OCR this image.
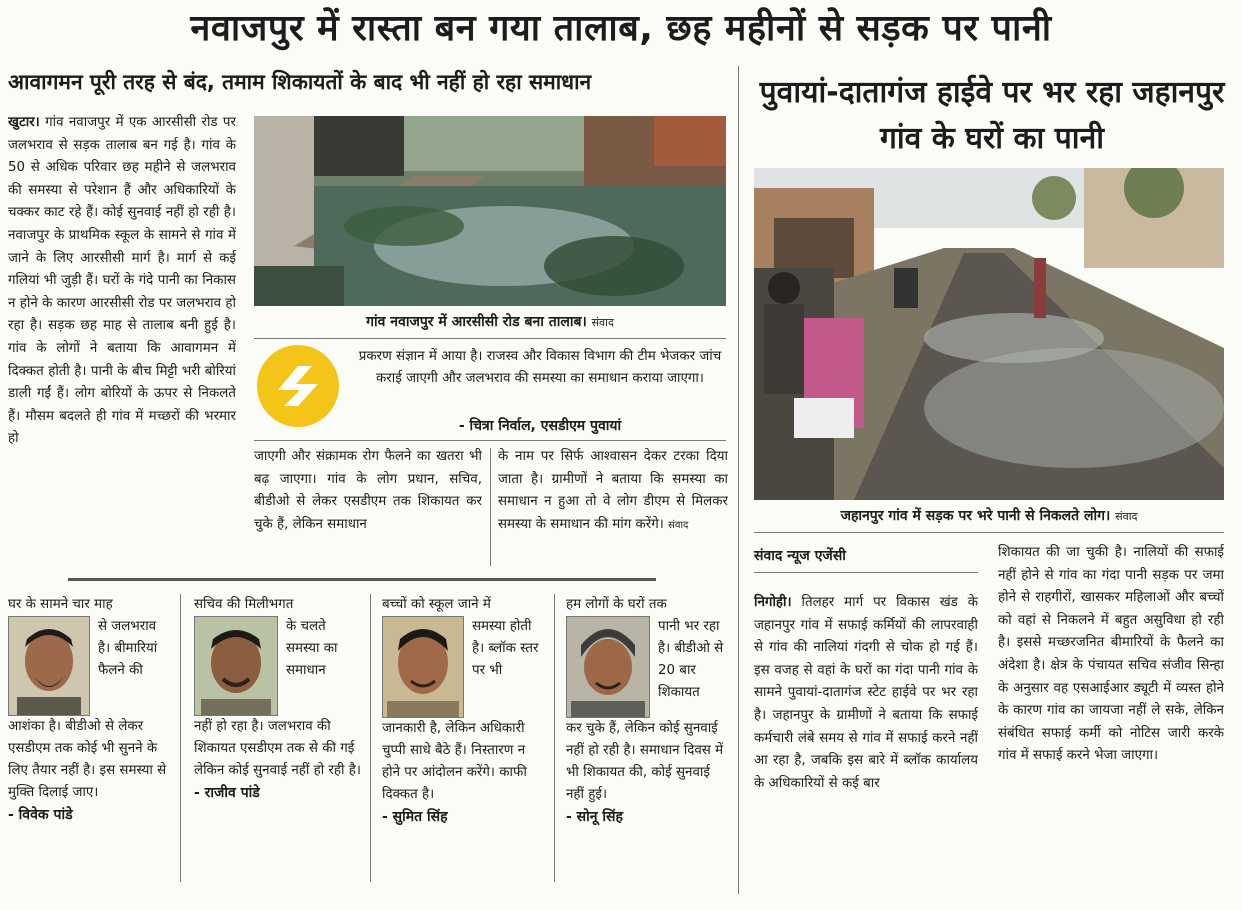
नवाजपुर में रास्ता बन गया तालाब, छह महीनों से सड़क पर पानी
आवागमन पूरी तरह से बंद, तमाम शिकायतों के बाद भी नहीं हो रहा समाधान
खुटार। गांव नवाजपुर में एक आरसीसी रोड पर जलभराव से सड़क तालाब बन गई है। गांव के 50 से अधिक परिवार छह महीने से जलभराव की समस्या से परेशान हैं और अधिकारियों के चक्कर काट रहे हैं। कोई सुनवाई नहीं हो रही है। नवाजपुर के प्राथमिक स्कूल के सामने से गांव में जाने के लिए आरसीसी मार्ग है। मार्ग से कई गलियां भी जुड़ी हैं। घरों के गंदे पानी का निकास न होने के कारण आरसीसी रोड पर जलभराव हो रहा है। सड़क छह माह से तालाब बनी हुई है। गांव के लोगों ने बताया कि आवागमन में दिक्कत होती है। पानी के बीच मिट्टी भरी बोरियां डाली गईं हैं। लोग बोरियों के ऊपर से निकलते हैं। मौसम बदलते ही गांव में मच्छरों की भरमार हो
गांव नवाजपुर में आरसीसी रोड बना तालाब। संवाद
प्रकरण संज्ञान में आया है। राजस्व और विकास विभाग की टीम भेजकर जांच कराई जाएगी और जलभराव की समस्या का समाधान कराया जाएगा।
- चित्रा निर्वाल, एसडीएम पुवायां
जाएगी और संक्रामक रोग फैलने का खतरा भी बढ़ जाएगा। गांव के लोग प्रधान, सचिव, बीडीओ से लेकर एसडीएम तक शिकायत कर चुके हैं, लेकिन समाधान
के नाम पर सिर्फ आश्वासन देकर टरका दिया जाता है। ग्रामीणों ने बताया कि समस्या का समाधान न हुआ तो वे लोग डीएम से मिलकर समस्या के समाधान की मांग करेंगे। संवाद
घर के सामने चार माह
से जलभराव है। बीमारियां फैलने की
आशंका है। बीडीओ से लेकर एसडीएम तक कोई भी सुनने के लिए तैयार नहीं है। इस समस्या से मुक्ति दिलाई जाए।
- विवेक पांडे
सचिव की मिलीभगत
के चलते समस्या का समाधान
नहीं हो रहा है। जलभराव की शिकायत एसडीएम तक से की गई लेकिन कोई सुनवाई नहीं हो रही है।
- राजीव पांडे
बच्चों को स्कूल जाने में
समस्या होती है। ब्लॉक स्तर पर भी
जानकारी है, लेकिन अधिकारी चुप्पी साधे बैठे हैं। निस्तारण न होने पर आंदोलन करेंगे। काफी दिक्कत है।
- सुमित सिंह
हम लोगों के घरों तक
पानी भर रहा है। बीडीओ से 20 बार शिकायत
कर चुके हैं, लेकिन कोई सुनवाई नहीं हो रही है। समाधान दिवस में भी शिकायत की, कोई सुनवाई नहीं हुई।
- सोनू सिंह
पुवायां-दातागंज हाईवे पर भर रहा जहानपुर गांव के घरों का पानी
जहानपुर गांव में सड़क पर भरे पानी से निकलते लोग। संवाद
संवाद न्यूज एजेंसी
निगोही। तिलहर मार्ग पर विकास खंड के जहानपुर गांव में सफाई कर्मियों की लापरवाही से गांव की नालियां गंदगी से चोक हो गई हैं। इस वजह से वहां के घरों का गंदा पानी गांव के सामने पुवायां-दातागंज स्टेट हाईवे पर भर रहा है। जहानपुर के ग्रामीणों ने बताया कि सफाई कर्मचारी लंबे समय से गांव में सफाई करने नहीं आ रहा है, जबकि इस बारे में ब्लॉक कार्यालय के अधिकारियों से कई बार
शिकायत की जा चुकी है। नालियों की सफाई नहीं होने से गांव का गंदा पानी सड़क पर जमा होने से राहगीरों, खासकर महिलाओं और बच्चों को वहां से निकलने में बहुत असुविधा हो रही है। इससे मच्छरजनित बीमारियों के फैलने का अंदेशा है। क्षेत्र के पंचायत सचिव संजीव सिन्हा के अनुसार वह एसआईआर ड्यूटी में व्यस्त होने के कारण गांव का जायजा नहीं ले सके, लेकिन संबंधित सफाई कर्मी को नोटिस जारी करके गांव में सफाई करने भेजा जाएगा।
